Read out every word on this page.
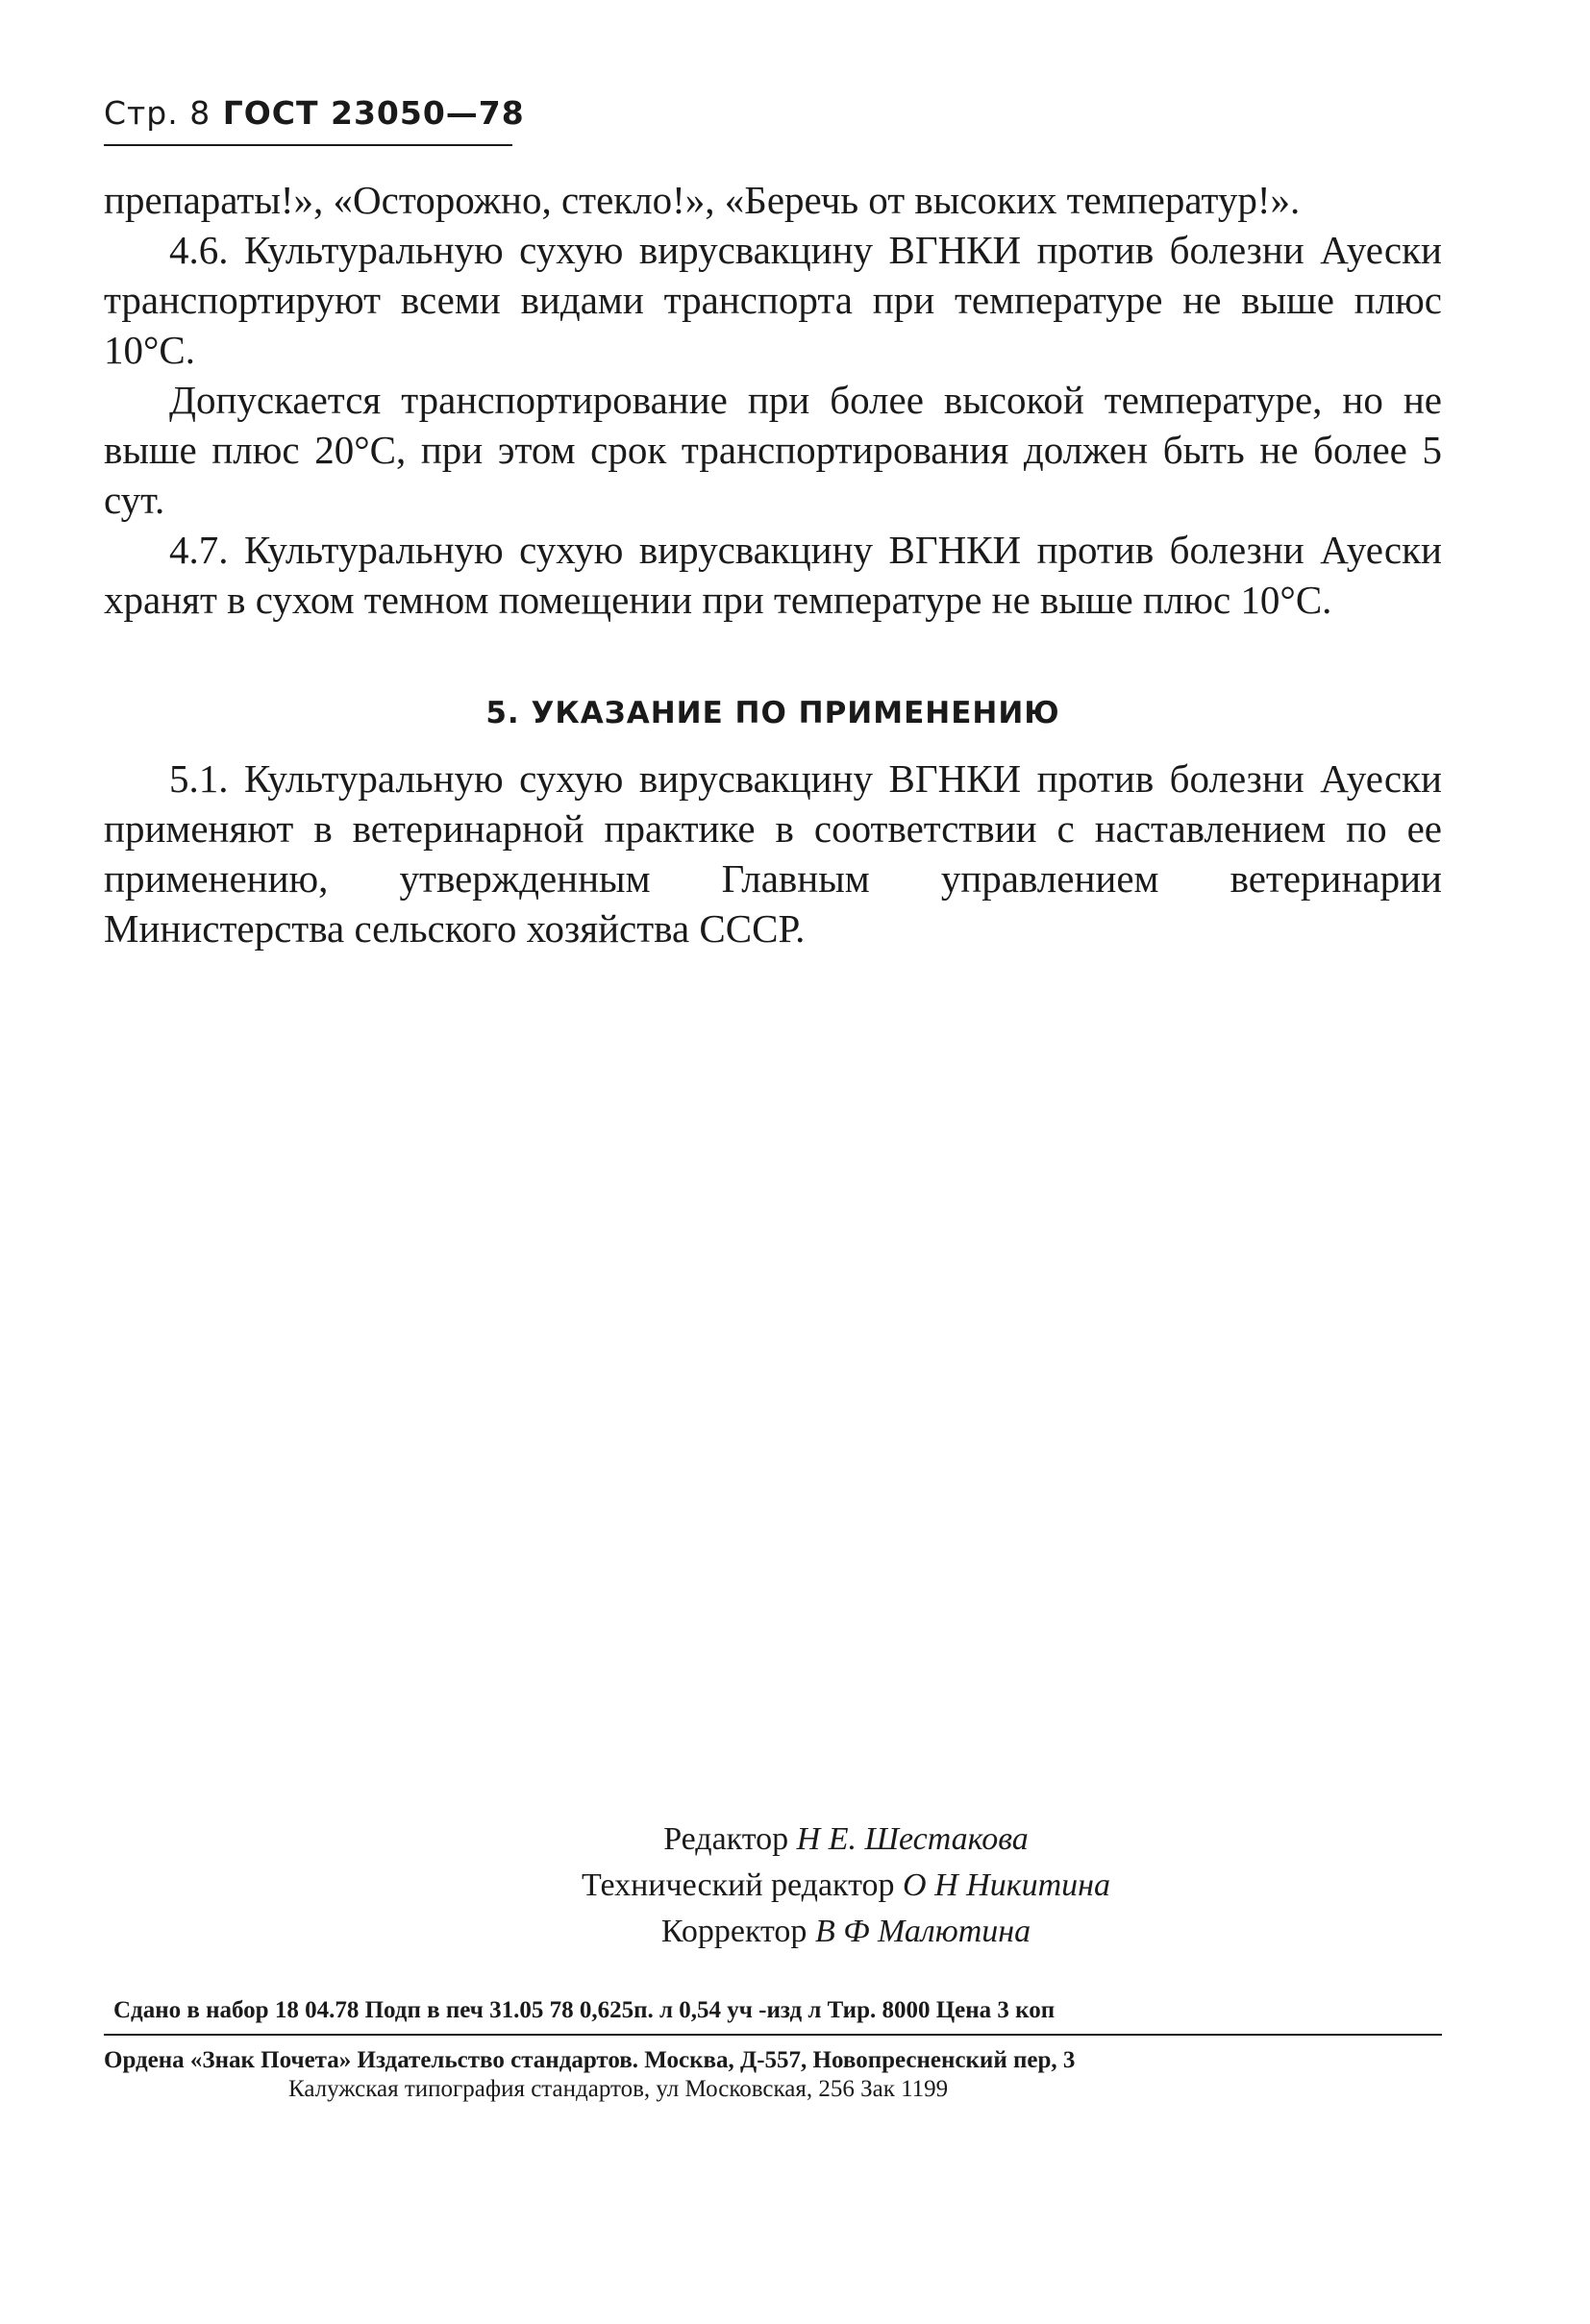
Стр. 8 ГОСТ 23050—78

препараты!», «Осторожно, стекло!», «Беречь от высоких температур!».

4.6. Культуральную сухую вирусвакцину ВГНКИ против болезни Ауески транспортируют всеми видами транспорта при температуре не выше плюс 10°С.

Допускается транспортирование при более высокой температуре, но не выше плюс 20°С, при этом срок транспортирования должен быть не более 5 сут.

4.7. Культуральную сухую вирусвакцину ВГНКИ против болезни Ауески хранят в сухом темном помещении при температуре не выше плюс 10°С.

5. УКАЗАНИЕ ПО ПРИМЕНЕНИЮ

5.1. Культуральную сухую вирусвакцину ВГНКИ против болезни Ауески применяют в ветеринарной практике в соответствии с наставлением по ее применению, утвержденным Главным управлением ветеринарии Министерства сельского хозяйства СССР.

Редактор Н Е. Шестакова
Технический редактор О Н Никитина
Корректор В Ф Малютина
Сдано в набор 18 04.78 Подп в печ 31.05 78 0,625п. л 0,54 уч -изд л Тир. 8000 Цена 3 коп
Ордена «Знак Почета» Издательство стандартов. Москва, Д-557, Новопресненский пер, 3
Калужская типография стандартов, ул Московская, 256 Зак 1199
